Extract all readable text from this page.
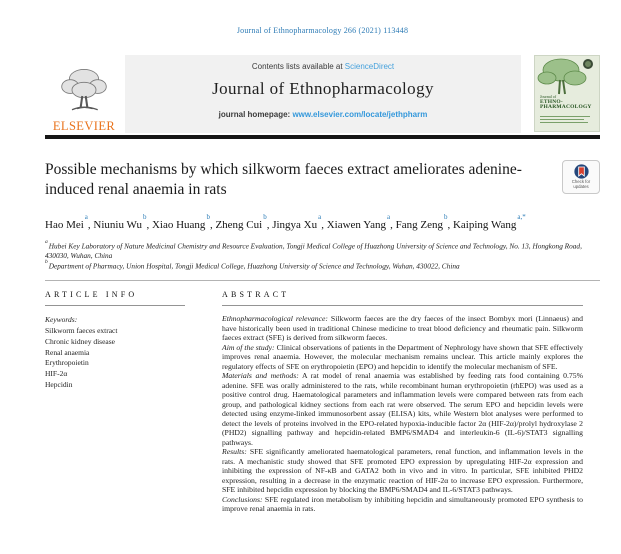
Journal of Ethnopharmacology 266 (2021) 113448
ELSEVIER
Contents lists available at ScienceDirect
Journal of Ethnopharmacology
journal homepage: www.elsevier.com/locate/jethpharm
Journal of
ETHNO-
PHARMACOLOGY
Possible mechanisms by which silkworm faeces extract ameliorates adenine-induced renal anaemia in rats	Check for updates
Hao Mei$^a$ , Niuniu Wu$^b$ , Xiao Huang$^b$ , Zheng Cui$^b$ , Jingya Xu$^a$ , Xiawen Yang$^a$ , Fang Zeng$^b$ , Kaiping Wang$^{a,*}$
$^a$Hubei Key Laboratory of Nature Medicinal Chemistry and Resource Evaluation, Tongji Medical College of Huazhong University of Science and Technology, No. 13, Hongkong Road, 430030, Wuhan, China
$^b$Department of Pharmacy, Union Hospital, Tongji Medical College, Huazhong University of Science and Technology, Wuhan, 430022, China
ARTICLE INFO
Keywords:
Silkworm faeces extract
Chronic kidney disease
Renal anaemia
Erythropoietin
HIF-2α
Hepcidin
ABSTRACT

Ethnopharmacological relevance: Silkworm faeces are the dry faeces of the insect Bombyx mori (Linnaeus) and have historically been used in traditional Chinese medicine to treat blood deficiency and rheumatic pain. Silkworm faeces extract (SFE) is derived from silkworm faeces.

Aim of the study: Clinical observations of patients in the Department of Nephrology have shown that SFE effectively improves renal anaemia. However, the molecular mechanism remains unclear. This article mainly explores the regulatory effects of SFE on erythropoietin (EPO) and hepcidin to identify the molecular mechanism of SFE.

Materials and methods: A rat model of renal anaemia was established by feeding rats food containing 0.75% adenine. SFE was orally administered to the rats, while recombinant human erythropoietin (rhEPO) was used as a positive control drug. Haematological parameters and inflammation levels were compared between rats from each group, and pathological kidney sections from each rat were observed. The serum EPO and hepcidin levels were detected using enzyme-linked immunosorbent assay (ELISA) kits, while Western blot analyses were performed to detect the levels of proteins involved in the EPO-related hypoxia-inducible factor 2α (HIF-2α)/prolyl hydroxylase 2 (PHD2) signalling pathway and hepcidin-related BMP6/SMAD4 and interleukin-6 (IL-6)/STAT3 signalling pathways.

Results: SFE significantly ameliorated haematological parameters, renal function, and inflammation levels in the rats. A mechanistic study showed that SFE promoted EPO expression by upregulating HIF-2α expression and inhibiting the expression of NF-κB and GATA2 both in vivo and in vitro. In particular, SFE inhibited PHD2 expression, resulting in a decrease in the enzymatic reaction of HIF-2α to increase EPO expression. Furthermore, SFE inhibited hepcidin expression by blocking the BMP6/SMAD4 and IL-6/STAT3 pathways.

Conclusions: SFE regulated iron metabolism by inhibiting hepcidin and simultaneously promoted EPO synthesis to improve renal anaemia in rats.
